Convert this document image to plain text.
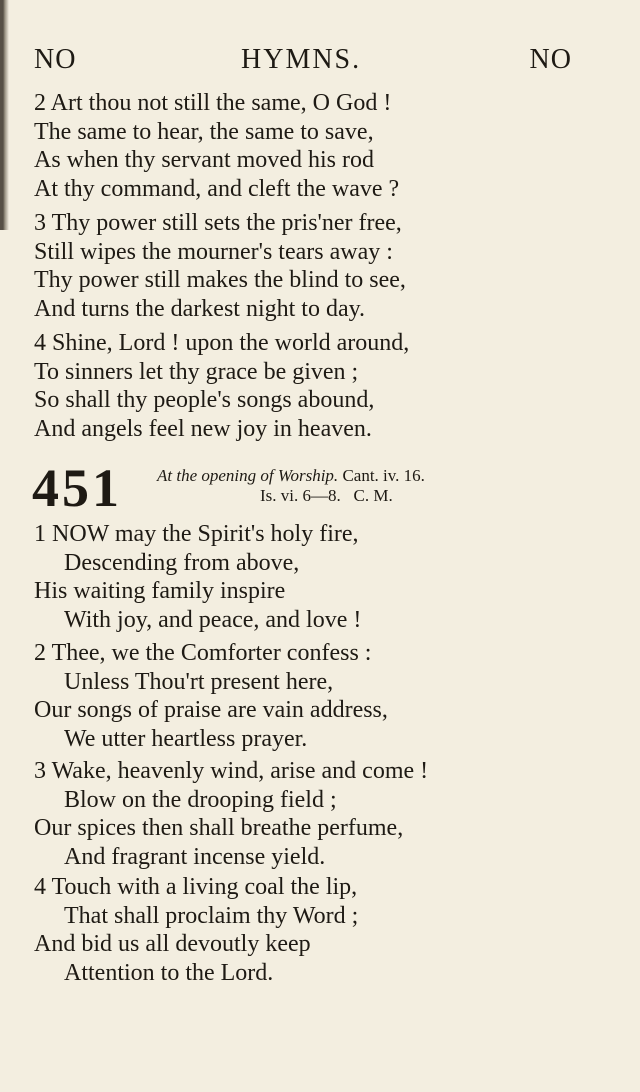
NO	HYMNS.	NO
2 Art thou not still the same, O God !
The same to hear, the same to save,
As when thy servant moved his rod
At thy command, and cleft the wave ?
3 Thy power still sets the pris'ner free,
Still wipes the mourner's tears away :
Thy power still makes the blind to see,
And turns the darkest night to day.
4 Shine, Lord ! upon the world around,
To sinners let thy grace be given ;
So shall thy people's songs abound,
And angels feel new joy in heaven.
451 At the opening of Worship. Cant. iv. 16.
Is. vi. 6—8. C. M.
1 NOW may the Spirit's holy fire,
Descending from above,
His waiting family inspire
With joy, and peace, and love !
2 Thee, we the Comforter confess :
Unless Thou'rt present here,
Our songs of praise are vain address,
We utter heartless prayer.
3 Wake, heavenly wind, arise and come !
Blow on the drooping field ;
Our spices then shall breathe perfume,
And fragrant incense yield.
4 Touch with a living coal the lip,
That shall proclaim thy Word ;
And bid us all devoutly keep
Attention to the Lord.
